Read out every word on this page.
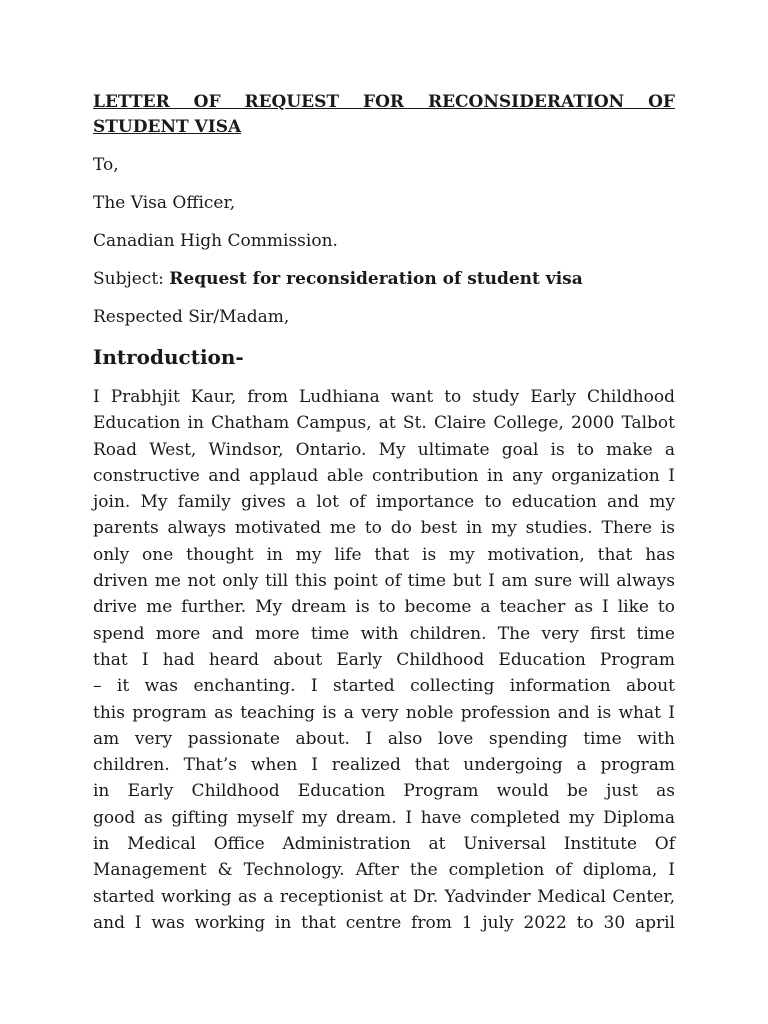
LETTER OF REQUEST FOR RECONSIDERATION OF STUDENT VISA

To,

The Visa Officer,

Canadian High Commission.

Subject: Request for reconsideration of student visa

Respected Sir/Madam,

Introduction-

I Prabhjit Kaur, from Ludhiana want to study Early Childhood
Education in Chatham Campus, at St. Claire College, 2000 Talbot
Road West, Windsor, Ontario. My ultimate goal is to make a
constructive and applaud able contribution in any organization I
join. My family gives a lot of importance to education and my
parents always motivated me to do best in my studies. There is
only one thought in my life that is my motivation, that has
driven me not only till this point of time but I am sure will always
drive me further. My dream is to become a teacher as I like to
spend more and more time with children. The very first time
that I had heard about Early Childhood Education Program
– it was enchanting. I started collecting information about
this program as teaching is a very noble profession and is what I
am very passionate about. I also love spending time with
children. That’s when I realized that undergoing a program
in Early Childhood Education Program would be just as
good as gifting myself my dream. I have completed my Diploma
in Medical Office Administration at Universal Institute Of
Management & Technology. After the completion of diploma, I
started working as a receptionist at Dr. Yadvinder Medical Center,
and I was working in that centre from 1 july 2022 to 30 april
